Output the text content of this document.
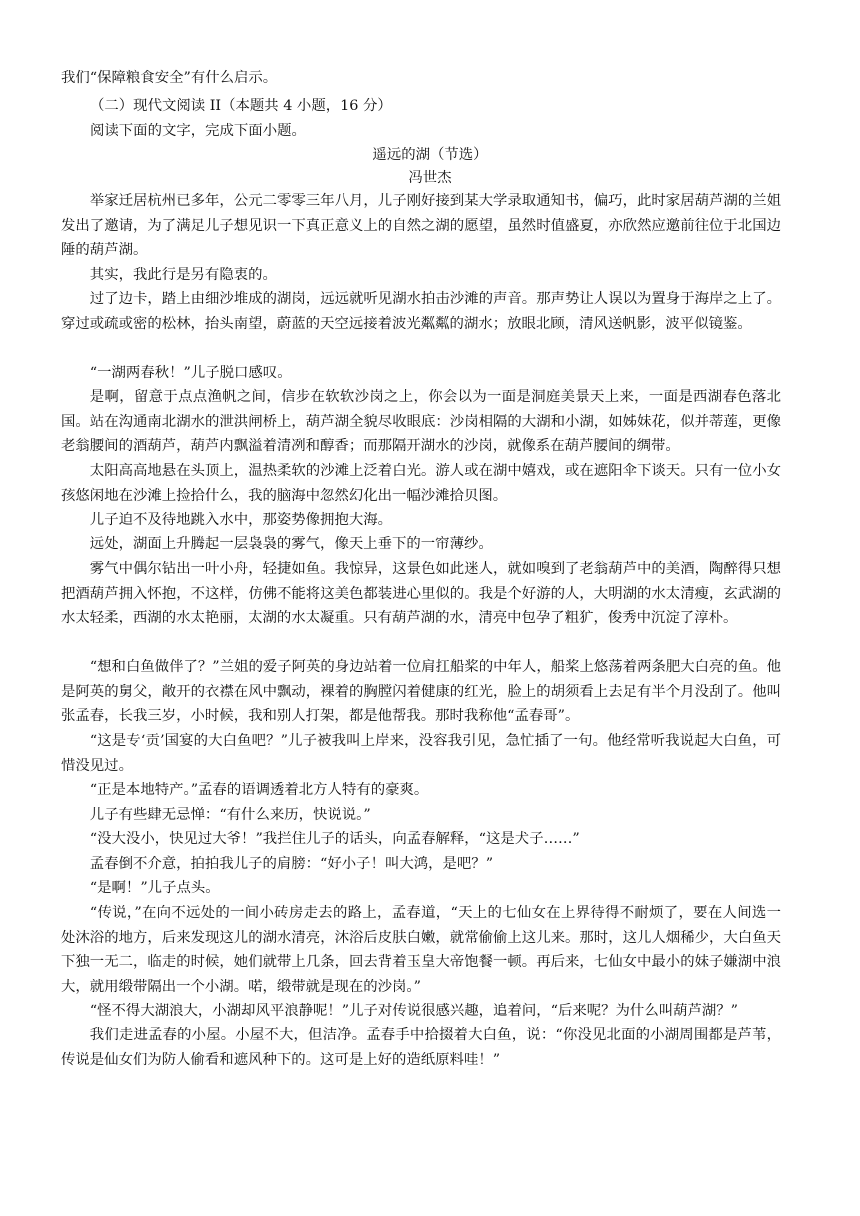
我们“保障粮食安全”有什么启示。
（二）现代文阅读 II（本题共 4 小题，16 分）
阅读下面的文字，完成下面小题。
遥远的湖（节选）
冯世杰
举家迁居杭州已多年，公元二零零三年八月，儿子刚好接到某大学录取通知书，偏巧，此时家居葫芦湖的兰姐发出了邀请，为了满足儿子想见识一下真正意义上的自然之湖的愿望，虽然时值盛夏，亦欣然应邀前往位于北国边陲的葫芦湖。
其实，我此行是另有隐衷的。
过了边卡，踏上由细沙堆成的湖岗，远远就听见湖水拍击沙滩的声音。那声势让人误以为置身于海岸之上了。穿过或疏或密的松林，抬头南望，蔚蓝的天空远接着波光粼粼的湖水；放眼北顾，清风送帆影，波平似镜鉴。
“一湖两春秋！”儿子脱口感叹。
是啊，留意于点点渔帆之间，信步在软软沙岗之上，你会以为一面是洞庭美景天上来，一面是西湖春色落北国。站在沟通南北湖水的泄洪闸桥上，葫芦湖全貌尽收眼底：沙岗相隔的大湖和小湖，如姊妹花，似并蒂莲，更像老翁腰间的酒葫芦，葫芦内飘溢着清冽和醇香；而那隔开湖水的沙岗，就像系在葫芦腰间的绸带。
太阳高高地悬在头顶上，温热柔软的沙滩上泛着白光。游人或在湖中嬉戏，或在遮阳伞下谈天。只有一位小女孩悠闲地在沙滩上捡拾什么，我的脑海中忽然幻化出一幅沙滩拾贝图。
儿子迫不及待地跳入水中，那姿势像拥抱大海。
远处，湖面上升腾起一层袅袅的雾气，像天上垂下的一帘薄纱。
雾气中偶尔钻出一叶小舟，轻捷如鱼。我惊异，这景色如此迷人，就如嗅到了老翁葫芦中的美酒，陶醉得只想把酒葫芦拥入怀抱，不这样，仿佛不能将这美色都装进心里似的。我是个好游的人，大明湖的水太清瘦，玄武湖的水太轻柔，西湖的水太艳丽，太湖的水太凝重。只有葫芦湖的水，清亮中包孕了粗犷，俊秀中沉淀了淳朴。
“想和白鱼做伴了？”兰姐的爱子阿英的身边站着一位肩扛船桨的中年人，船桨上悠荡着两条肥大白亮的鱼。他是阿英的舅父，敞开的衣襟在风中飘动，裸着的胸膛闪着健康的红光，脸上的胡须看上去足有半个月没刮了。他叫张孟春，长我三岁，小时候，我和别人打架，都是他帮我。那时我称他“孟春哥”。
“这是专‘贡’国宴的大白鱼吧？”儿子被我叫上岸来，没容我引见，急忙插了一句。他经常听我说起大白鱼，可惜没见过。
“正是本地特产。”孟春的语调透着北方人特有的豪爽。
儿子有些肆无忌惮：“有什么来历，快说说。”
“没大没小，快见过大爷！”我拦住儿子的话头，向孟春解释，“这是犬子……”
孟春倒不介意，拍拍我儿子的肩膀：“好小子！叫大鸿，是吧？”
“是啊！”儿子点头。
“传说，”在向不远处的一间小砖房走去的路上，孟春道，“天上的七仙女在上界待得不耐烦了，要在人间选一处沐浴的地方，后来发现这儿的湖水清亮，沐浴后皮肤白嫩，就常偷偷上这儿来。那时，这儿人烟稀少，大白鱼天下独一无二，临走的时候，她们就带上几条，回去背着玉皇大帝饱餐一顿。再后来，七仙女中最小的妹子嫌湖中浪大，就用缎带隔出一个小湖。喏，缎带就是现在的沙岗。”
“怪不得大湖浪大，小湖却风平浪静呢！”儿子对传说很感兴趣，追着问，“后来呢？为什么叫葫芦湖？”
我们走进孟春的小屋。小屋不大，但洁净。孟春手中拾掇着大白鱼，说：“你没见北面的小湖周围都是芦苇，传说是仙女们为防人偷看和遮风种下的。这可是上好的造纸原料哇！”
